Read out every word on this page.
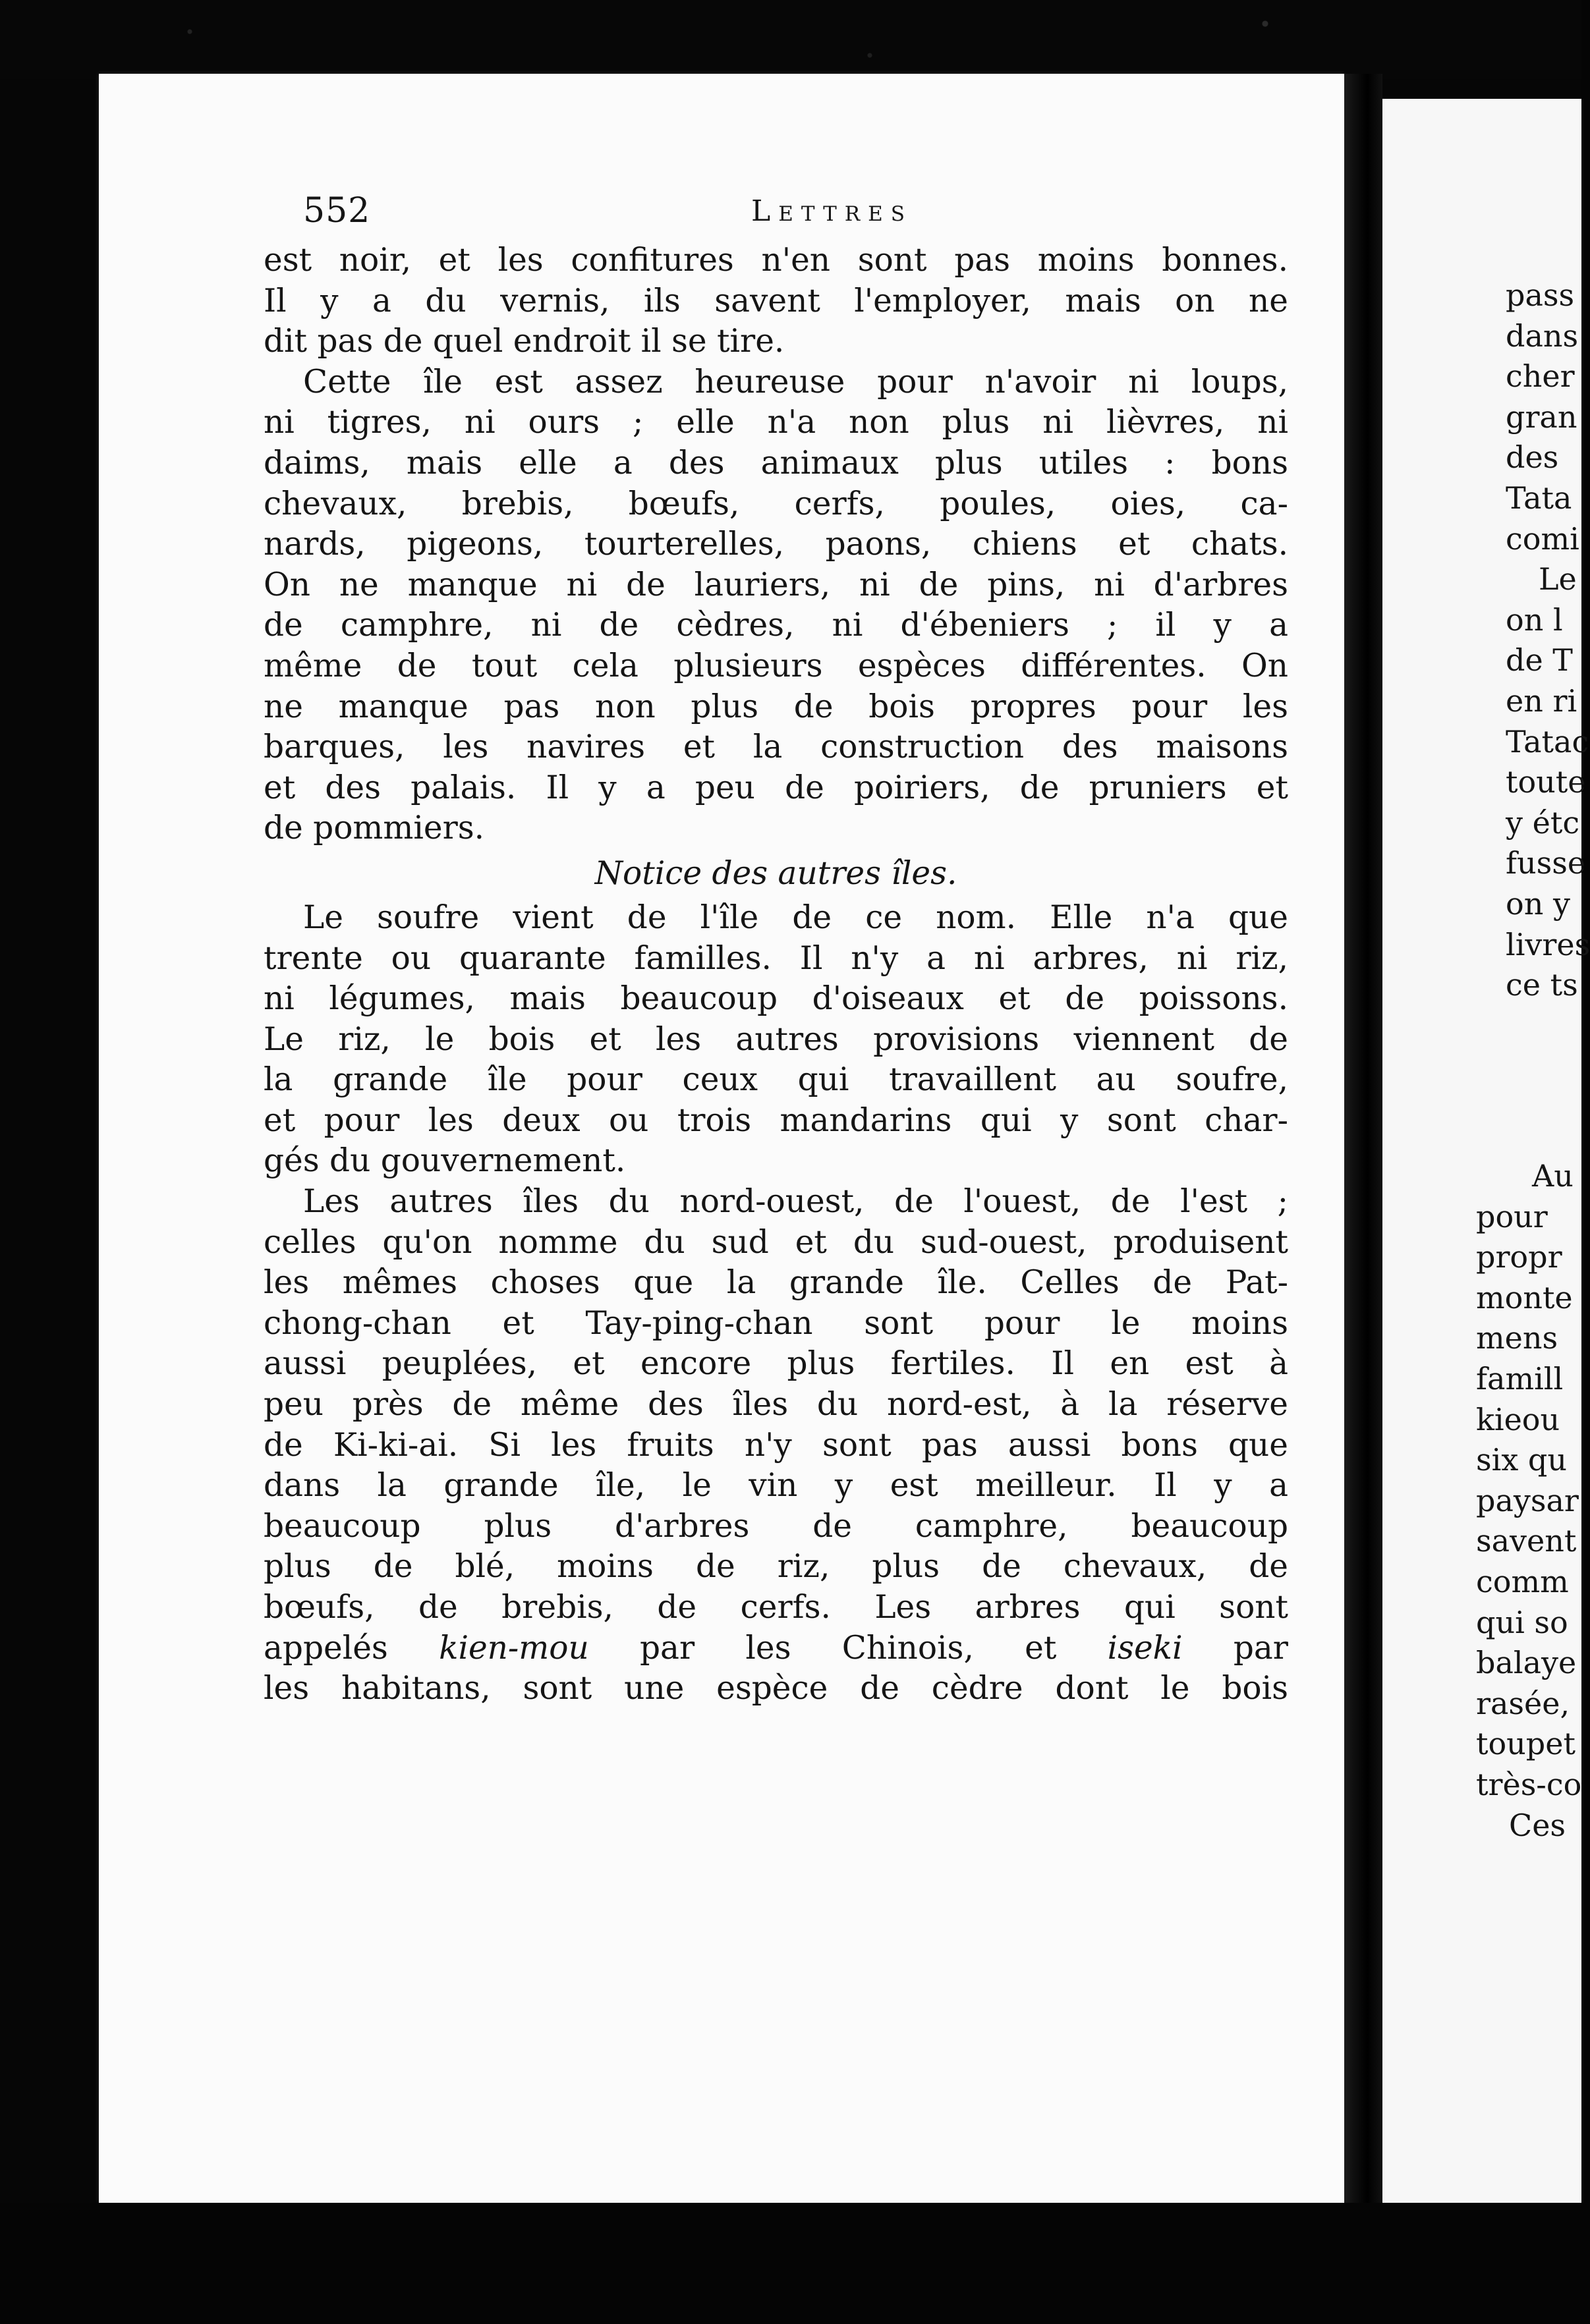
552	Lettres
est noir, et les confitures n'en sont pas moins bonnes.
Il y a du vernis, ils savent l'employer, mais on ne
dit pas de quel endroit il se tire.
Cette île est assez heureuse pour n'avoir ni loups,
ni tigres, ni ours ; elle n'a non plus ni lièvres, ni
daims, mais elle a des animaux plus utiles : bons
chevaux, brebis, bœufs, cerfs, poules, oies, ca-
nards, pigeons, tourterelles, paons, chiens et chats.
On ne manque ni de lauriers, ni de pins, ni d'arbres
de camphre, ni de cèdres, ni d'ébeniers ; il y a
même de tout cela plusieurs espèces différentes. On
ne manque pas non plus de bois propres pour les
barques, les navires et la construction des maisons
et des palais. Il y a peu de poiriers, de pruniers et
de pommiers.
Notice des autres îles.
Le soufre vient de l'île de ce nom. Elle n'a que
trente ou quarante familles. Il n'y a ni arbres, ni riz,
ni légumes, mais beaucoup d'oiseaux et de poissons.
Le riz, le bois et les autres provisions viennent de
la grande île pour ceux qui travaillent au soufre,
et pour les deux ou trois mandarins qui y sont char-
gés du gouvernement.
Les autres îles du nord-ouest, de l'ouest, de l'est ;
celles qu'on nomme du sud et du sud-ouest, produisent
les mêmes choses que la grande île. Celles de Pat-
chong-chan et Tay-ping-chan sont pour le moins
aussi peuplées, et encore plus fertiles. Il en est à
peu près de même des îles du nord-est, à la réserve
de Ki-ki-ai. Si les fruits n'y sont pas aussi bons que
dans la grande île, le vin y est meilleur. Il y a
beaucoup plus d'arbres de camphre, beaucoup
plus de blé, moins de riz, plus de chevaux, de
bœufs, de brebis, de cerfs. Les arbres qui sont
appelés kien-mou par les Chinois, et iseki par
les habitans, sont une espèce de cèdre dont le bois
pass
dans
cher
gran
des
Tata
comi
Le
on l
de T
en ri
Tatac
toute
y étc
fusse
on y
livres
ce ts
Au
pour
propr
monte
mens
famill
kieou
six qu
paysar
savent
comm
qui so
balaye
rasée,
toupet
très-co
Ces
